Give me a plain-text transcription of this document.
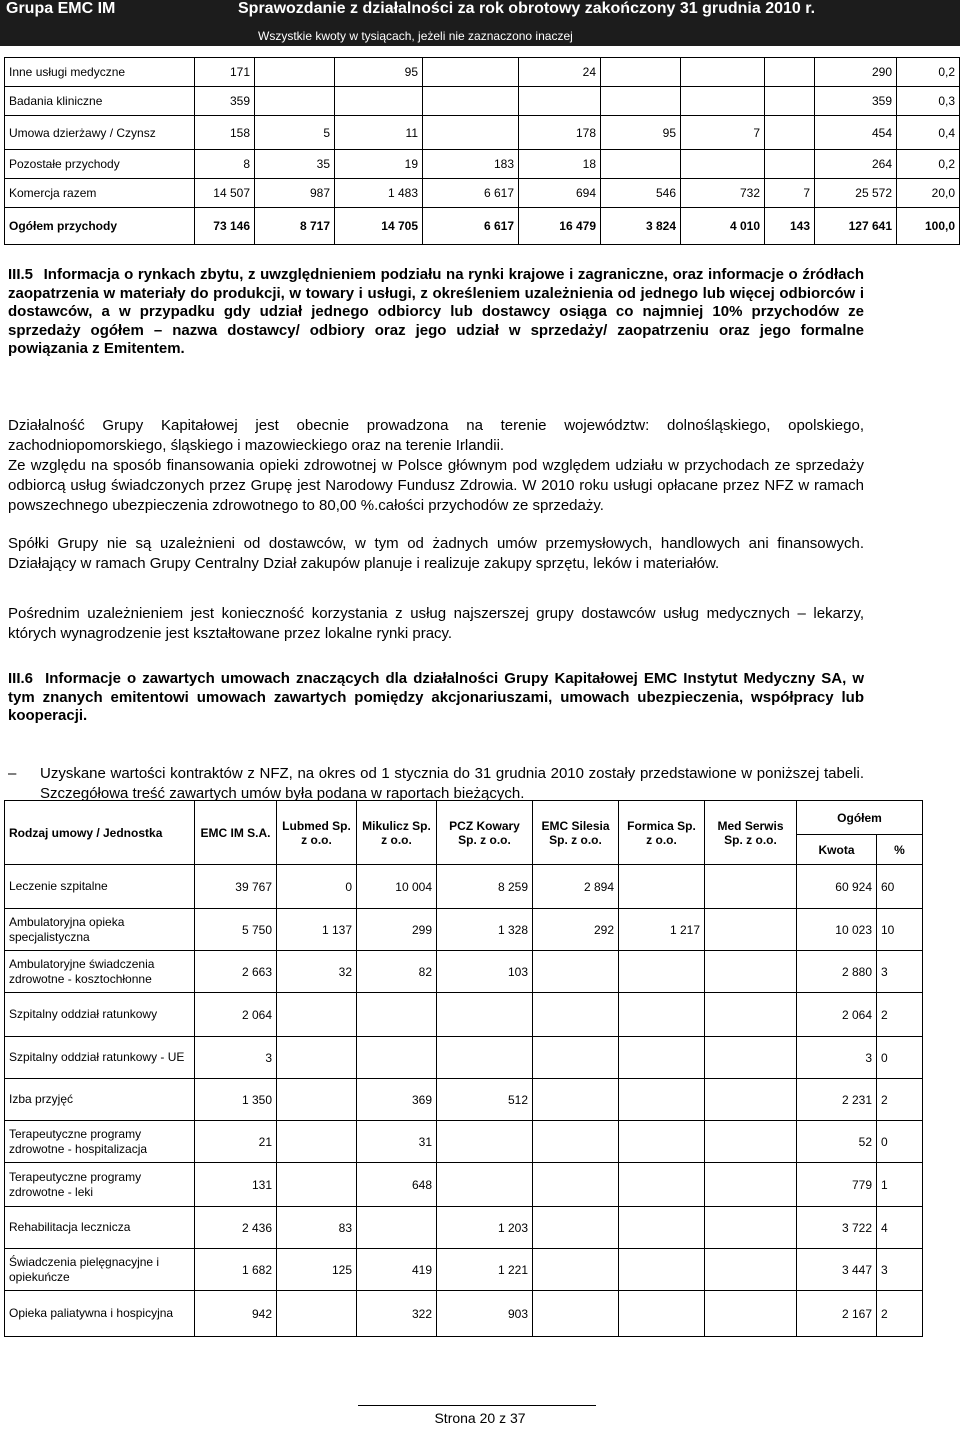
Grupa EMC IM	Sprawozdanie z działalności za rok obrotowy zakończony 31 grudnia 2010 r.
Wszystkie kwoty w tysiącach, jeżeli nie zaznaczono inaczej
Inne usługi medyczne	171		95		24				290	0,2
Badania kliniczne	359								359	0,3
Umowa dzierżawy / Czynsz	158	5	11		178	95	7		454	0,4
Pozostałe przychody	8	35	19	183	18				264	0,2
Komercja razem	14 507	987	1 483	6 617	694	546	732	7	25 572	20,0
Ogółem przychody	73 146	8 717	14 705	6 617	16 479	3 824	4 010	143	127 641	100,0
III.5 Informacja o rynkach zbytu, z uwzględnieniem podziału na rynki krajowe i zagraniczne, oraz informacje o źródłach zaopatrzenia w materiały do produkcji, w towary i usługi, z określeniem uzależnienia od jednego lub więcej odbiorców i dostawców, a w przypadku gdy udział jednego odbiorcy lub dostawcy osiąga co najmniej 10% przychodów ze sprzedaży ogółem – nazwa dostawcy/ odbiory oraz jego udział w sprzedaży/ zaopatrzeniu oraz jego formalne powiązania z Emitentem.
Działalność Grupy Kapitałowej jest obecnie prowadzona na terenie województw: dolnośląskiego, opolskiego, zachodniopomorskiego, śląskiego i mazowieckiego oraz na terenie Irlandii.
Ze względu na sposób finansowania opieki zdrowotnej w Polsce głównym pod względem udziału w przychodach ze sprzedaży odbiorcą usług świadczonych przez Grupę jest Narodowy Fundusz Zdrowia. W 2010 roku usługi opłacane przez NFZ w ramach powszechnego ubezpieczenia zdrowotnego to 80,00 %.całości przychodów ze sprzedaży.
Spółki Grupy nie są uzależnieni od dostawców, w tym od żadnych umów przemysłowych, handlowych ani finansowych. Działający w ramach Grupy Centralny Dział zakupów planuje i realizuje zakupy sprzętu, leków i materiałów.
Pośrednim uzależnieniem jest konieczność korzystania z usług najszerszej grupy dostawców usług medycznych – lekarzy, których wynagrodzenie jest kształtowane przez lokalne rynki pracy.
III.6 Informacje o zawartych umowach znaczących dla działalności Grupy Kapitałowej EMC Instytut Medyczny SA, w tym znanych emitentowi umowach zawartych pomiędzy akcjonariuszami, umowach ubezpieczenia, współpracy lub kooperacji.
– Uzyskane wartości kontraktów z NFZ, na okres od 1 stycznia do 31 grudnia 2010 zostały przedstawione w poniższej tabeli. Szczegółowa treść zawartych umów była podana w raportach bieżących.
Rodzaj umowy / Jednostka	EMC IM S.A.	Lubmed Sp. z o.o.	Mikulicz Sp. z o.o.	PCZ Kowary Sp. z o.o.	EMC Silesia Sp. z o.o.	Formica Sp. z o.o.	Med Serwis Sp. z o.o.	Ogółem	
								Kwota	%
Leczenie szpitalne	39 767	0	10 004	8 259	2 894			60 924	60
Ambulatoryjna opieka specjalistyczna	5 750	1 137	299	1 328	292	1 217		10 023	10
Ambulatoryjne świadczenia zdrowotne - kosztochłonne	2 663	32	82	103				2 880	3
Szpitalny oddział ratunkowy	2 064							2 064	2
Szpitalny oddział ratunkowy - UE	3							3	0
Izba przyjęć	1 350		369	512				2 231	2
Terapeutyczne programy zdrowotne - hospitalizacja	21		31					52	0
Terapeutyczne programy zdrowotne - leki	131		648					779	1
Rehabilitacja lecznicza	2 436	83		1 203				3 722	4
Świadczenia pielęgnacyjne i opiekuńcze	1 682	125	419	1 221				3 447	3
Opieka paliatywna i hospicyjna	942		322	903				2 167	2
Strona 20 z 37
